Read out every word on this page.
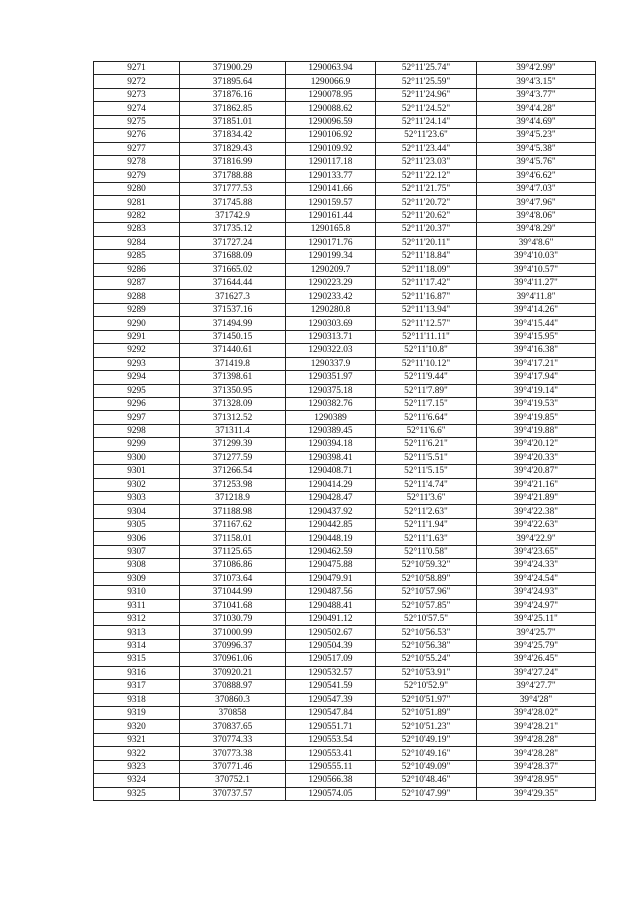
9271	371900.29	1290063.94	52°11'25.74"	39°4'2.99"
9272	371895.64	1290066.9	52°11'25.59"	39°4'3.15"
9273	371876.16	1290078.95	52°11'24.96"	39°4'3.77"
9274	371862.85	1290088.62	52°11'24.52"	39°4'4.28"
9275	371851.01	1290096.59	52°11'24.14"	39°4'4.69"
9276	371834.42	1290106.92	52°11'23.6"	39°4'5.23"
9277	371829.43	1290109.92	52°11'23.44"	39°4'5.38"
9278	371816.99	1290117.18	52°11'23.03"	39°4'5.76"
9279	371788.88	1290133.77	52°11'22.12"	39°4'6.62"
9280	371777.53	1290141.66	52°11'21.75"	39°4'7.03"
9281	371745.88	1290159.57	52°11'20.72"	39°4'7.96"
9282	371742.9	1290161.44	52°11'20.62"	39°4'8.06"
9283	371735.12	1290165.8	52°11'20.37"	39°4'8.29"
9284	371727.24	1290171.76	52°11'20.11"	39°4'8.6"
9285	371688.09	1290199.34	52°11'18.84"	39°4'10.03"
9286	371665.02	1290209.7	52°11'18.09"	39°4'10.57"
9287	371644.44	1290223.29	52°11'17.42"	39°4'11.27"
9288	371627.3	1290233.42	52°11'16.87"	39°4'11.8"
9289	371537.16	1290280.8	52°11'13.94"	39°4'14.26"
9290	371494.99	1290303.69	52°11'12.57"	39°4'15.44"
9291	371450.15	1290313.71	52°11'11.11"	39°4'15.95"
9292	371440.61	1290322.03	52°11'10.8"	39°4'16.38"
9293	371419.8	1290337.9	52°11'10.12"	39°4'17.21"
9294	371398.61	1290351.97	52°11'9.44"	39°4'17.94"
9295	371350.95	1290375.18	52°11'7.89"	39°4'19.14"
9296	371328.09	1290382.76	52°11'7.15"	39°4'19.53"
9297	371312.52	1290389	52°11'6.64"	39°4'19.85"
9298	371311.4	1290389.45	52°11'6.6"	39°4'19.88"
9299	371299.39	1290394.18	52°11'6.21"	39°4'20.12"
9300	371277.59	1290398.41	52°11'5.51"	39°4'20.33"
9301	371266.54	1290408.71	52°11'5.15"	39°4'20.87"
9302	371253.98	1290414.29	52°11'4.74"	39°4'21.16"
9303	371218.9	1290428.47	52°11'3.6"	39°4'21.89"
9304	371188.98	1290437.92	52°11'2.63"	39°4'22.38"
9305	371167.62	1290442.85	52°11'1.94"	39°4'22.63"
9306	371158.01	1290448.19	52°11'1.63"	39°4'22.9"
9307	371125.65	1290462.59	52°11'0.58"	39°4'23.65"
9308	371086.86	1290475.88	52°10'59.32"	39°4'24.33"
9309	371073.64	1290479.91	52°10'58.89"	39°4'24.54"
9310	371044.99	1290487.56	52°10'57.96"	39°4'24.93"
9311	371041.68	1290488.41	52°10'57.85"	39°4'24.97"
9312	371030.79	1290491.12	52°10'57.5"	39°4'25.11"
9313	371000.99	1290502.67	52°10'56.53"	39°4'25.7"
9314	370996.37	1290504.39	52°10'56.38"	39°4'25.79"
9315	370961.06	1290517.09	52°10'55.24"	39°4'26.45"
9316	370920.21	1290532.57	52°10'53.91"	39°4'27.24"
9317	370888.97	1290541.59	52°10'52.9"	39°4'27.7"
9318	370860.3	1290547.39	52°10'51.97"	39°4'28"
9319	370858	1290547.84	52°10'51.89"	39°4'28.02"
9320	370837.65	1290551.71	52°10'51.23"	39°4'28.21"
9321	370774.33	1290553.54	52°10'49.19"	39°4'28.28"
9322	370773.38	1290553.41	52°10'49.16"	39°4'28.28"
9323	370771.46	1290555.11	52°10'49.09"	39°4'28.37"
9324	370752.1	1290566.38	52°10'48.46"	39°4'28.95"
9325	370737.57	1290574.05	52°10'47.99"	39°4'29.35"
